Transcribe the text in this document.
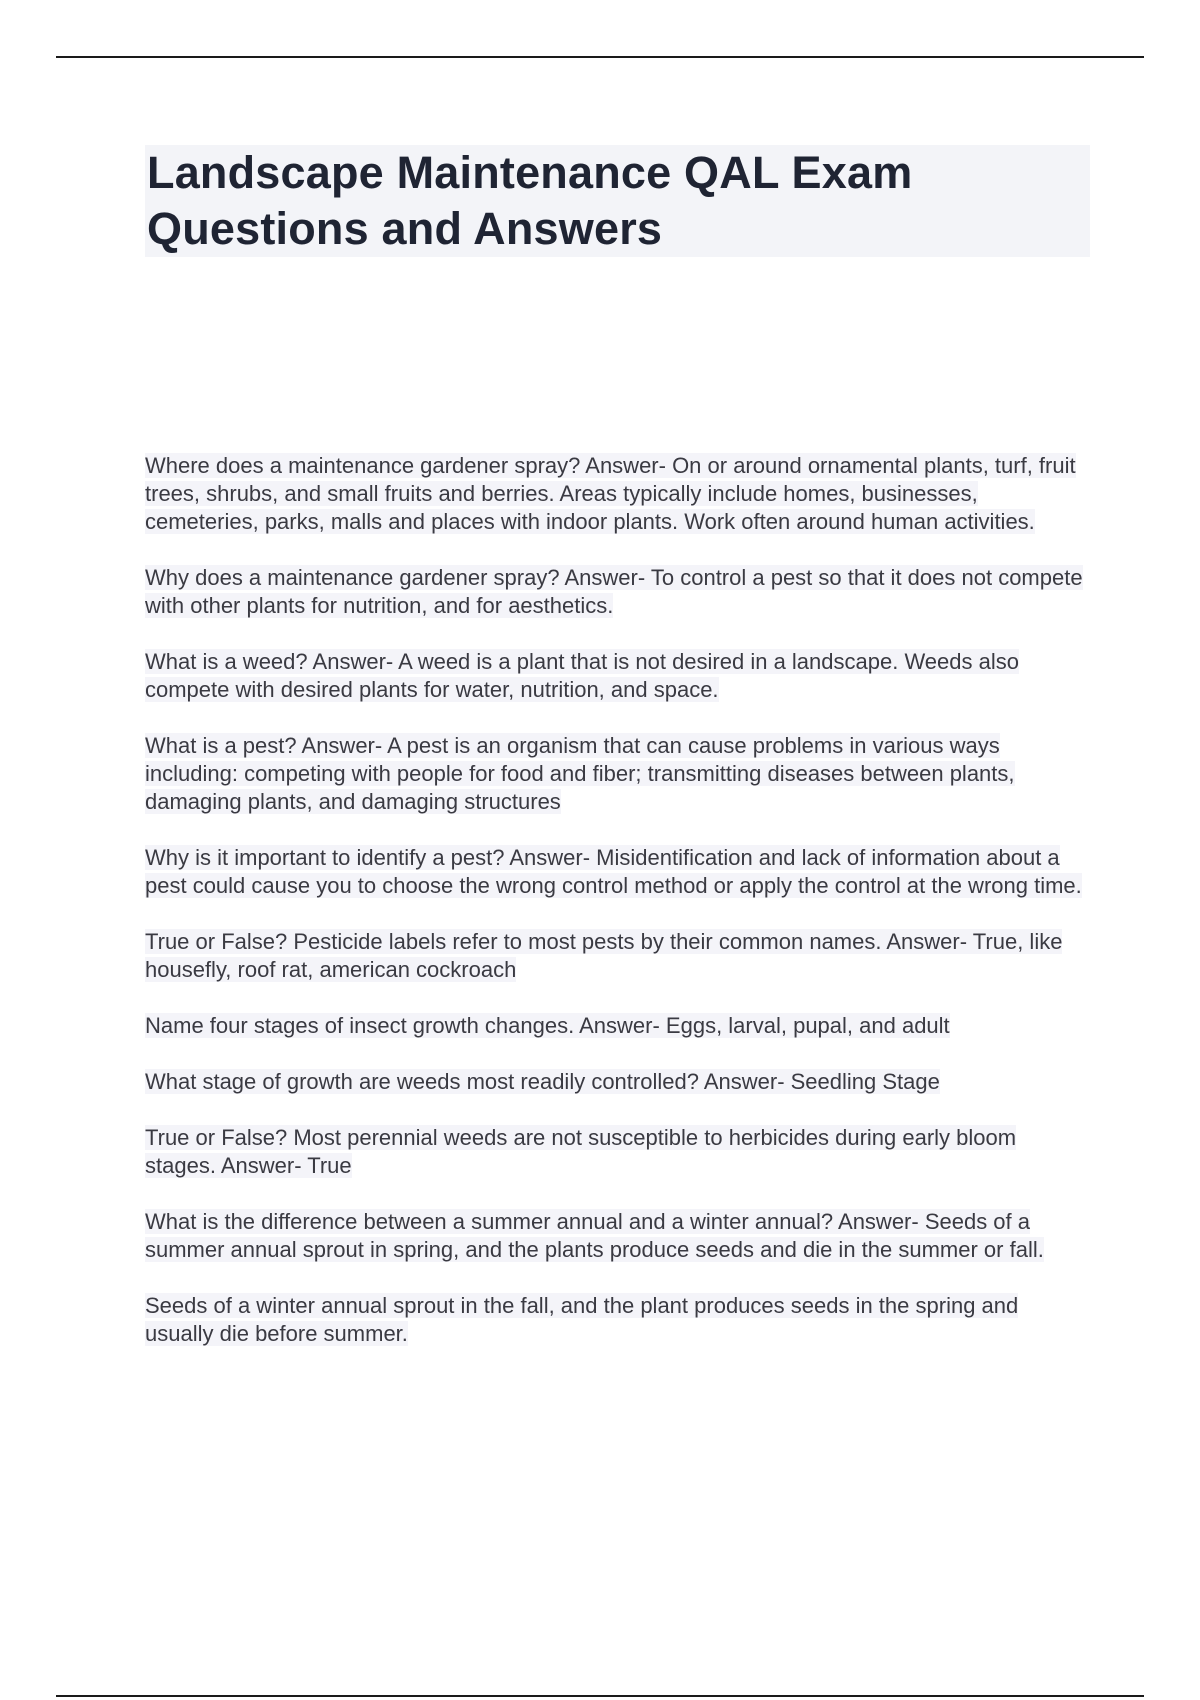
Landscape Maintenance QAL Exam Questions and Answers

Where does a maintenance gardener spray? Answer- On or around ornamental plants, turf, fruit trees, shrubs, and small fruits and berries. Areas typically include homes, businesses, cemeteries, parks, malls and places with indoor plants. Work often around human activities.

Why does a maintenance gardener spray? Answer- To control a pest so that it does not compete with other plants for nutrition, and for aesthetics.

What is a weed? Answer- A weed is a plant that is not desired in a landscape. Weeds also compete with desired plants for water, nutrition, and space.

What is a pest? Answer- A pest is an organism that can cause problems in various ways including: competing with people for food and fiber; transmitting diseases between plants, damaging plants, and damaging structures

Why is it important to identify a pest? Answer- Misidentification and lack of information about a pest could cause you to choose the wrong control method or apply the control at the wrong time.

True or False? Pesticide labels refer to most pests by their common names. Answer- True, like housefly, roof rat, american cockroach

Name four stages of insect growth changes. Answer- Eggs, larval, pupal, and adult

What stage of growth are weeds most readily controlled? Answer- Seedling Stage

True or False? Most perennial weeds are not susceptible to herbicides during early bloom stages. Answer- True

What is the difference between a summer annual and a winter annual? Answer- Seeds of a summer annual sprout in spring, and the plants produce seeds and die in the summer or fall.

Seeds of a winter annual sprout in the fall, and the plant produces seeds in the spring and usually die before summer.
